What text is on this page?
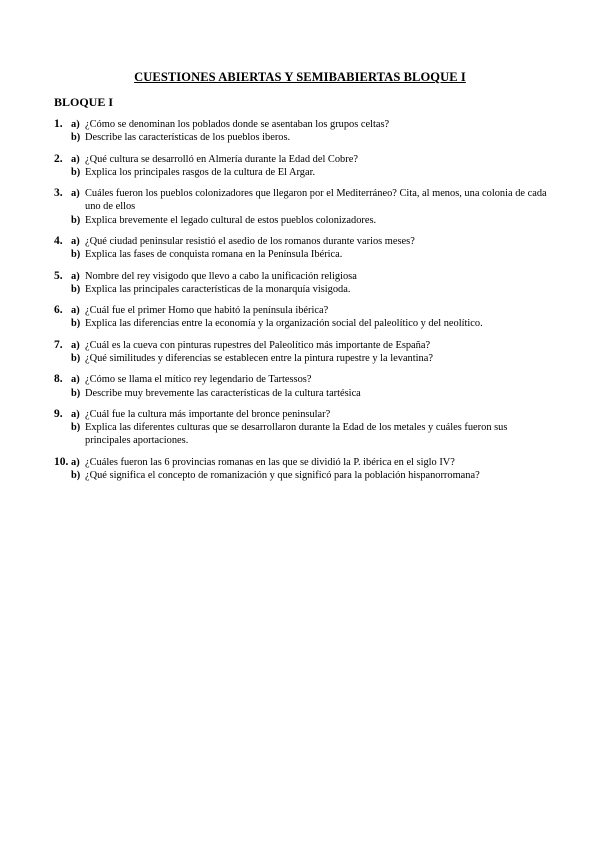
CUESTIONES ABIERTAS Y SEMIBABIERTAS BLOQUE I
BLOQUE I
1. a) ¿Cómo se denominan los poblados donde se asentaban los grupos celtas?
b) Describe las características de los pueblos iberos.
2. a) ¿Qué cultura se desarrolló en Almería durante la Edad del Cobre?
b) Explica los principales rasgos de la cultura de El Argar.
3. a) Cuáles fueron los pueblos colonizadores que llegaron por el Mediterráneo? Cita, al menos, una colonia de cada uno de ellos
b) Explica brevemente el legado cultural de estos pueblos colonizadores.
4. a) ¿Qué ciudad peninsular resistió el asedio de los romanos durante varios meses?
b) Explica las fases de conquista romana en la Península Ibérica.
5. a) Nombre del rey visigodo que llevo a cabo la unificación religiosa
b) Explica las principales características de la monarquía visigoda.
6. a) ¿Cuál fue el primer Homo que habitó la península ibérica?
b) Explica las diferencias entre la economía y la organización social del paleolítico y del neolítico.
7. a) ¿Cuál es la cueva con pinturas rupestres del Paleolítico más importante de España?
b) ¿Qué similitudes y diferencias se establecen entre la pintura rupestre y la levantina?
8. a) ¿Cómo se llama el mítico rey legendario de Tartessos?
b) Describe muy brevemente las características de la cultura tartésica
9. a) ¿Cuál fue la cultura más importante del bronce peninsular?
b) Explica las diferentes culturas que se desarrollaron durante la Edad de los metales y cuáles fueron sus principales aportaciones.
10. a) ¿Cuáles fueron las 6 provincias romanas en las que se dividió la P. ibérica en el siglo IV?
b) ¿Qué significa el concepto de romanización y que significó para la población hispanorromana?
